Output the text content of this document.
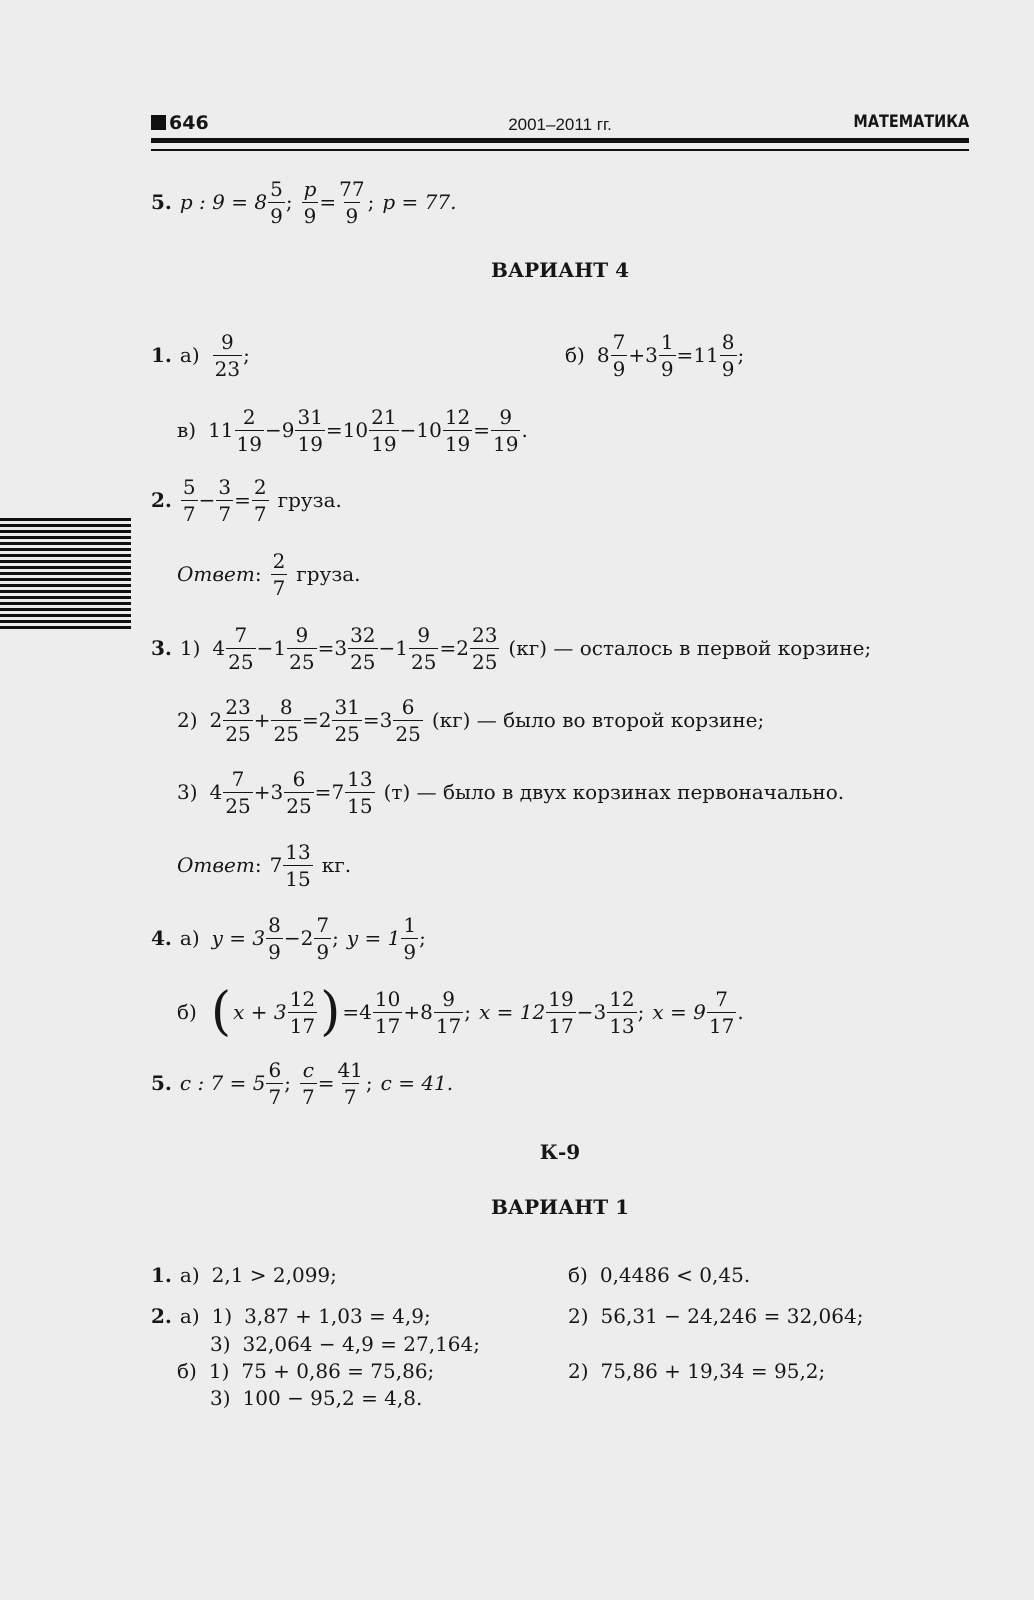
646	2001–2011 гг.	МАТЕМАТИКА
5. p : $9 = 8 \frac{5}{9}$ ; $\frac{p}{9} = \frac{77}{9}$ ; p = 77.
ВАРИАНТ 4
1. $а) \frac{9}{23}$ ;	б) $8 \frac{7}{9} + 3 \frac{1}{9} = 11 \frac{8}{9}$ ;
в) $11 \frac{2}{19} - 9 \frac{31}{19} = 10 \frac{21}{19} - 10 \frac{12}{19} = \frac{9}{19}$ .
2. $\frac{5}{7} - \frac{3}{7} = \frac{2}{7}$ груза.
Ответ : $\frac{2}{7}$ груза.
3. 1) $4 \frac{7}{25} - 1 \frac{9}{25} = 3 \frac{32}{25} - 1 \frac{9}{25} = 2 \frac{23}{25} (кг)$ — осталось в первой корзине;
2) $2 \frac{23}{25} + \frac{8}{25} = 2 \frac{31}{25} = 3 \frac{6}{25} (кг)$ — было во второй корзине;
3) $4 \frac{7}{25} + 3 \frac{6}{25} = 7 \frac{13}{15} (т)$ — было в двух корзинах первоначально.
Ответ : $7 \frac{13}{15}$ кг.
4. а) $y = 3 \frac{8}{9} - 2 \frac{7}{9}$ ; $y = 1 \frac{1}{9}$ ;
б) ( $x + 3 \frac{12}{17}$ ) = $4 \frac{10}{17} + 8 \frac{9}{17}$ ; $x = 12 \frac{19}{17} - 3 \frac{12}{13}$ ; $x = 9 \frac{7}{17}$ .
5. c : $7 = 5 \frac{6}{7}$ ; $\frac{c}{7} = \frac{41}{7}$ ; c = 41.
К-9
ВАРИАНТ 1
1. а) 2,1 > 2,099;	б) 0,4486 < 0,45.
2. а) 1) 3,87 + 1,03 = 4,9;	2) 56,31 − 24,246 = 32,064;
3) 32,064 − 4,9 = 27,164;
б) 1) 75 + 0,86 = 75,86;	2) 75,86 + 19,34 = 95,2;
3) 100 − 95,2 = 4,8.
